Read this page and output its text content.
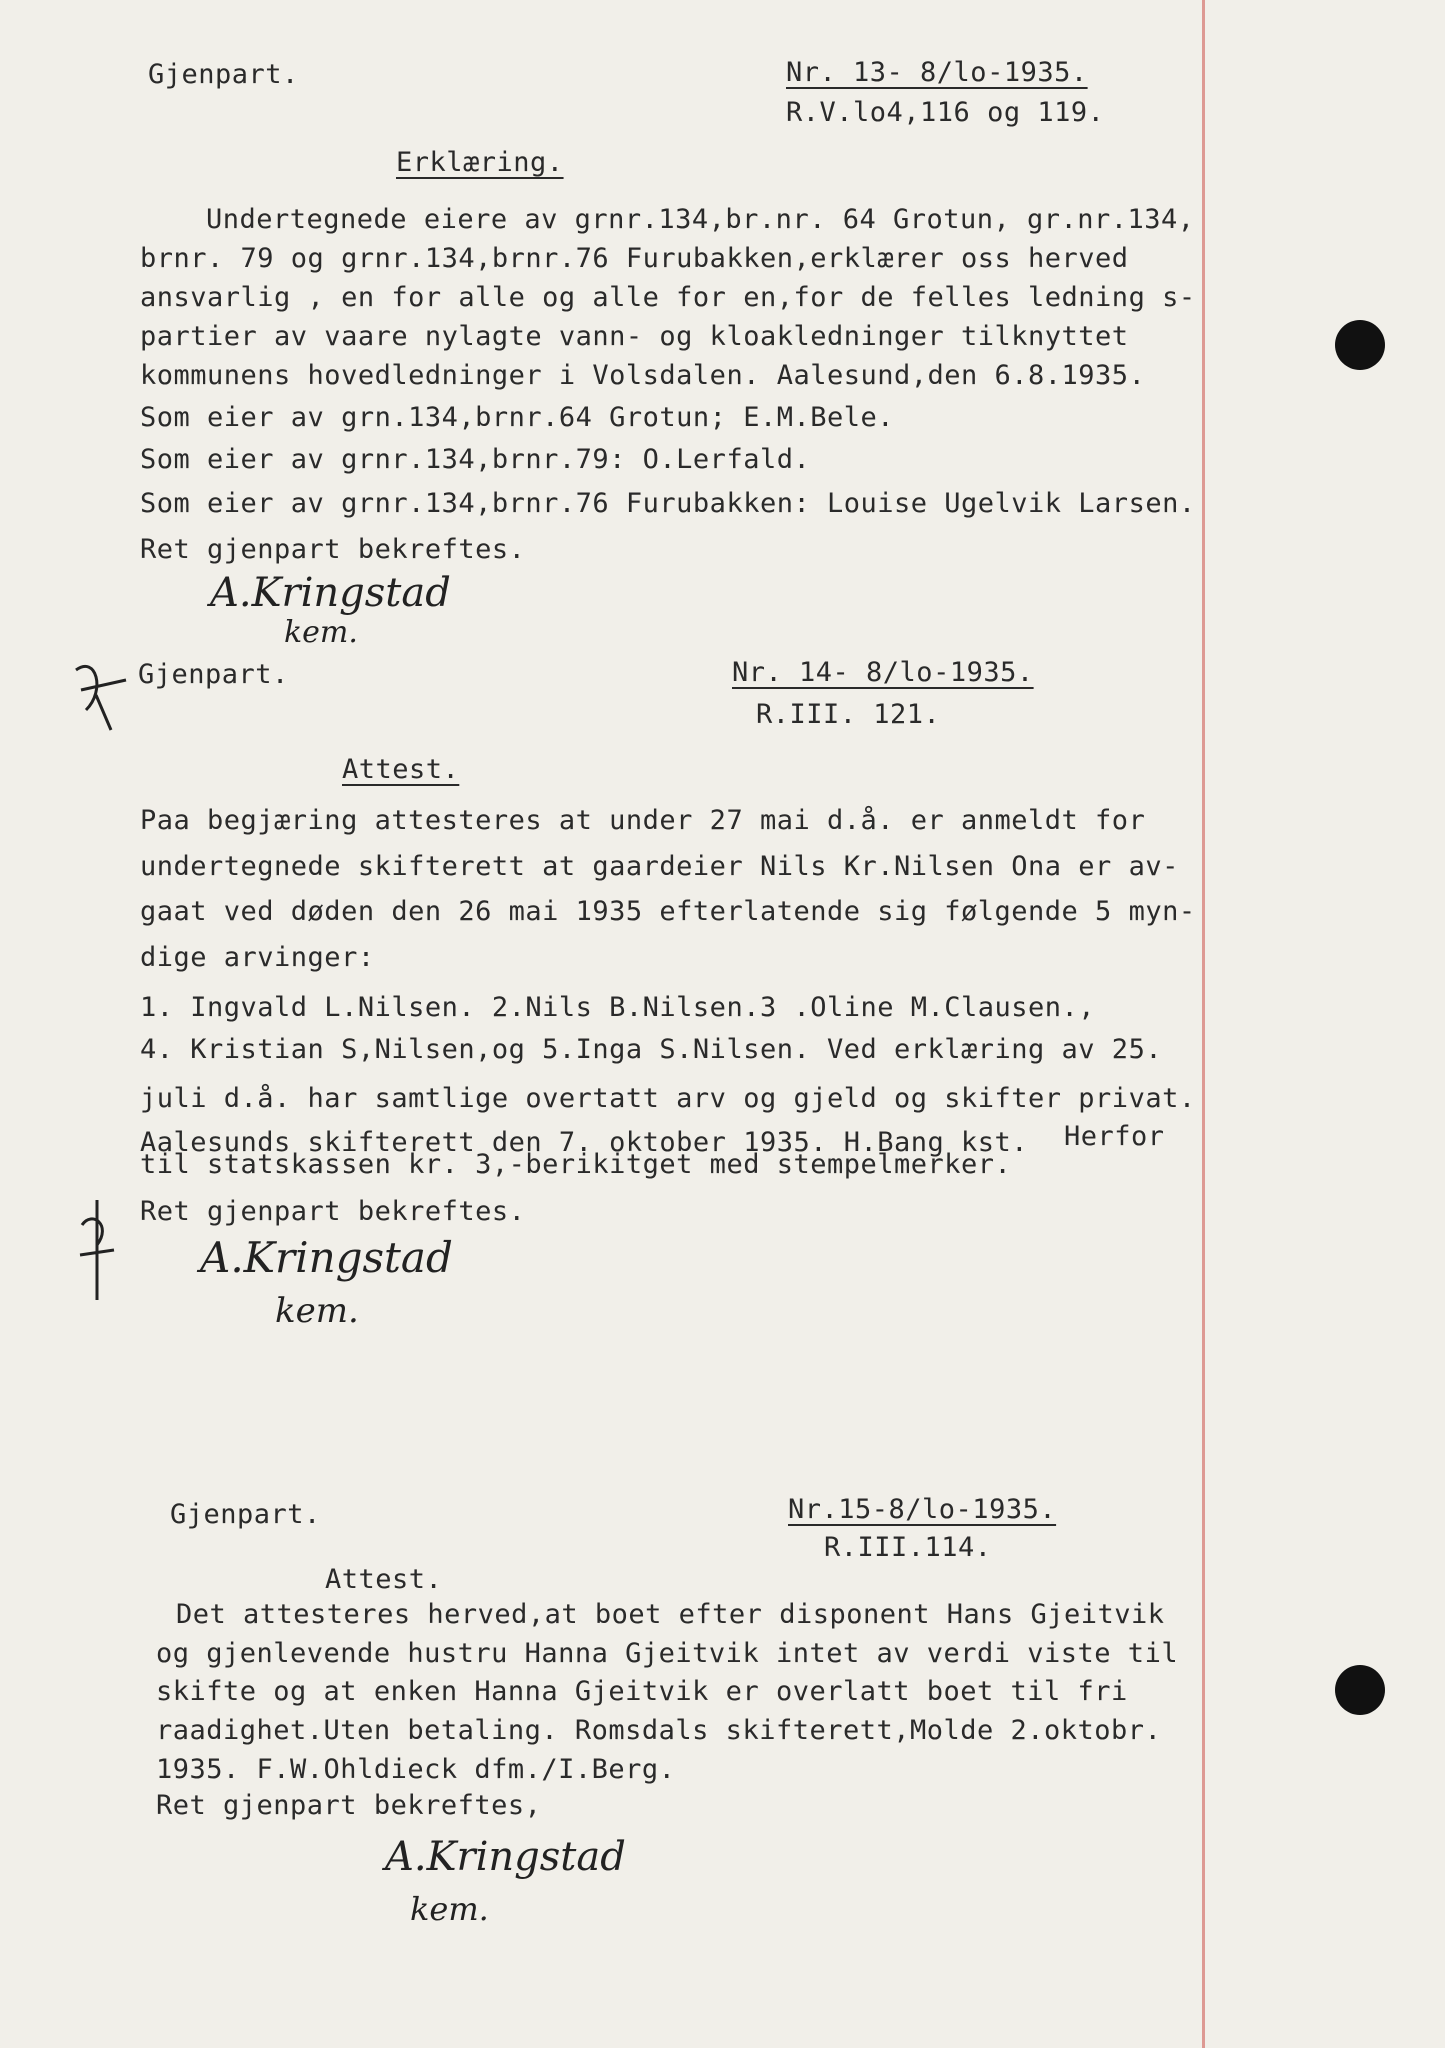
Gjenpart.	Nr. 13- 8/lo-1935.
R.V.lo4,116 og 119.
Erklæring.
Undertegnede eiere av grnr.134,br.nr. 64 Grotun, gr.nr.134,
brnr. 79 og grnr.134,brnr.76 Furubakken,erklærer oss herved
ansvarlig , en for alle og alle for en,for de felles ledning s-
partier av vaare nylagte vann- og kloakledninger tilknyttet
kommunens hovedledninger i Volsdalen. Aalesund,den 6.8.1935.
Som eier av grn.134,brnr.64 Grotun; E.M.Bele.
Som eier av grnr.134,brnr.79: O.Lerfald.
Som eier av grnr.134,brnr.76 Furubakken: Louise Ugelvik Larsen.
Ret gjenpart bekreftes.
A.Kringstad
kem.
Gjenpart.	Nr. 14- 8/lo-1935.
R.III. 121.
Attest.
Paa begjæring attesteres at under 27 mai d.å. er anmeldt for
undertegnede skifterett at gaardeier Nils Kr.Nilsen Ona er av-
gaat ved døden den 26 mai 1935 efterlatende sig følgende 5 myn-
dige arvinger:
1. Ingvald L.Nilsen. 2.Nils B.Nilsen.3 .Oline M.Clausen.,
4. Kristian S,Nilsen,og 5.Inga S.Nilsen. Ved erklæring av 25.
juli d.å. har samtlige overtatt arv og gjeld og skifter privat.
Herfor
Aalesunds skifterett den 7. oktober 1935. H.Bang kst.
til statskassen kr. 3,-berikitget med stempelmerker.
Ret gjenpart bekreftes.
A.Kringstad
kem.
Gjenpart.	Nr.15-8/lo-1935.
R.III.114.
Attest.
Det attesteres herved,at boet efter disponent Hans Gjeitvik
og gjenlevende hustru Hanna Gjeitvik intet av verdi viste til
skifte og at enken Hanna Gjeitvik er overlatt boet til fri
raadighet.Uten betaling. Romsdals skifterett,Molde 2.oktobr.
1935. F.W.Ohldieck dfm./I.Berg.
Ret gjenpart bekreftes,
A.Kringstad
kem.
